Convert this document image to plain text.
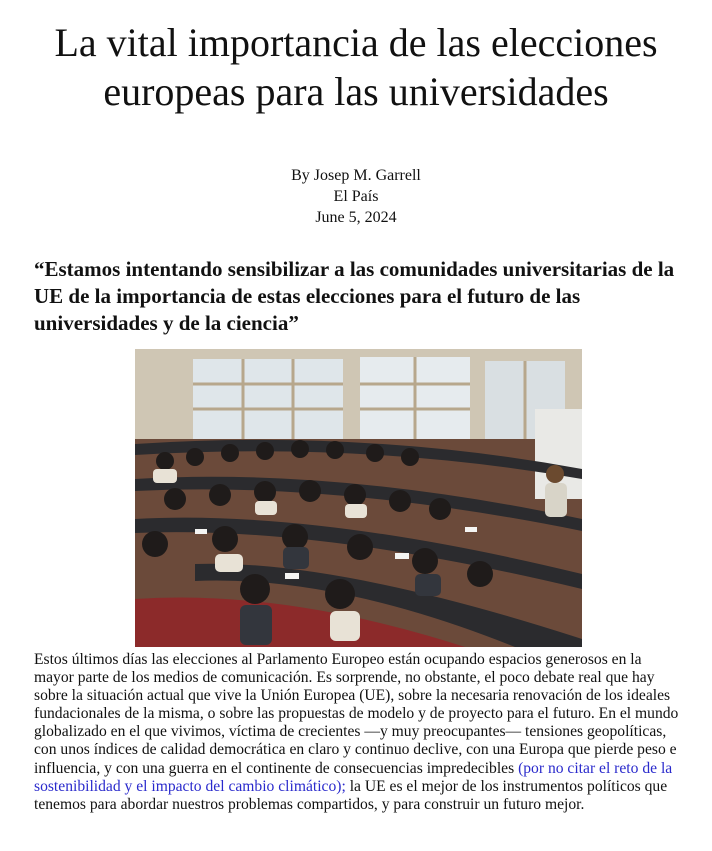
La vital importancia de las elecciones europeas para las universidades
By Josep M. Garrell
El País
June 5, 2024

“Estamos intentando sensibilizar a las comunidades universitarias de la UE de la importancia de estas elecciones para el futuro de las universidades y de la ciencia”

Estos últimos días las elecciones al Parlamento Europeo están ocupando espacios generosos en la mayor parte de los medios de comunicación. Es sorprende, no obstante, el poco debate real que hay sobre la situación actual que vive la Unión Europea (UE), sobre la necesaria renovación de los ideales fundacionales de la misma, o sobre las propuestas de modelo y de proyecto para el futuro. En el mundo globalizado en el que vivimos, víctima de crecientes —y muy preocupantes— tensiones geopolíticas, con unos índices de calidad democrática en claro y continuo declive, con una Europa que pierde peso e influencia, y con una guerra en el continente de consecuencias impredecibles (por no citar el reto de la sostenibilidad y el impacto del cambio climático); la UE es el mejor de los instrumentos políticos que tenemos para abordar nuestros problemas compartidos, y para construir un futuro mejor.
